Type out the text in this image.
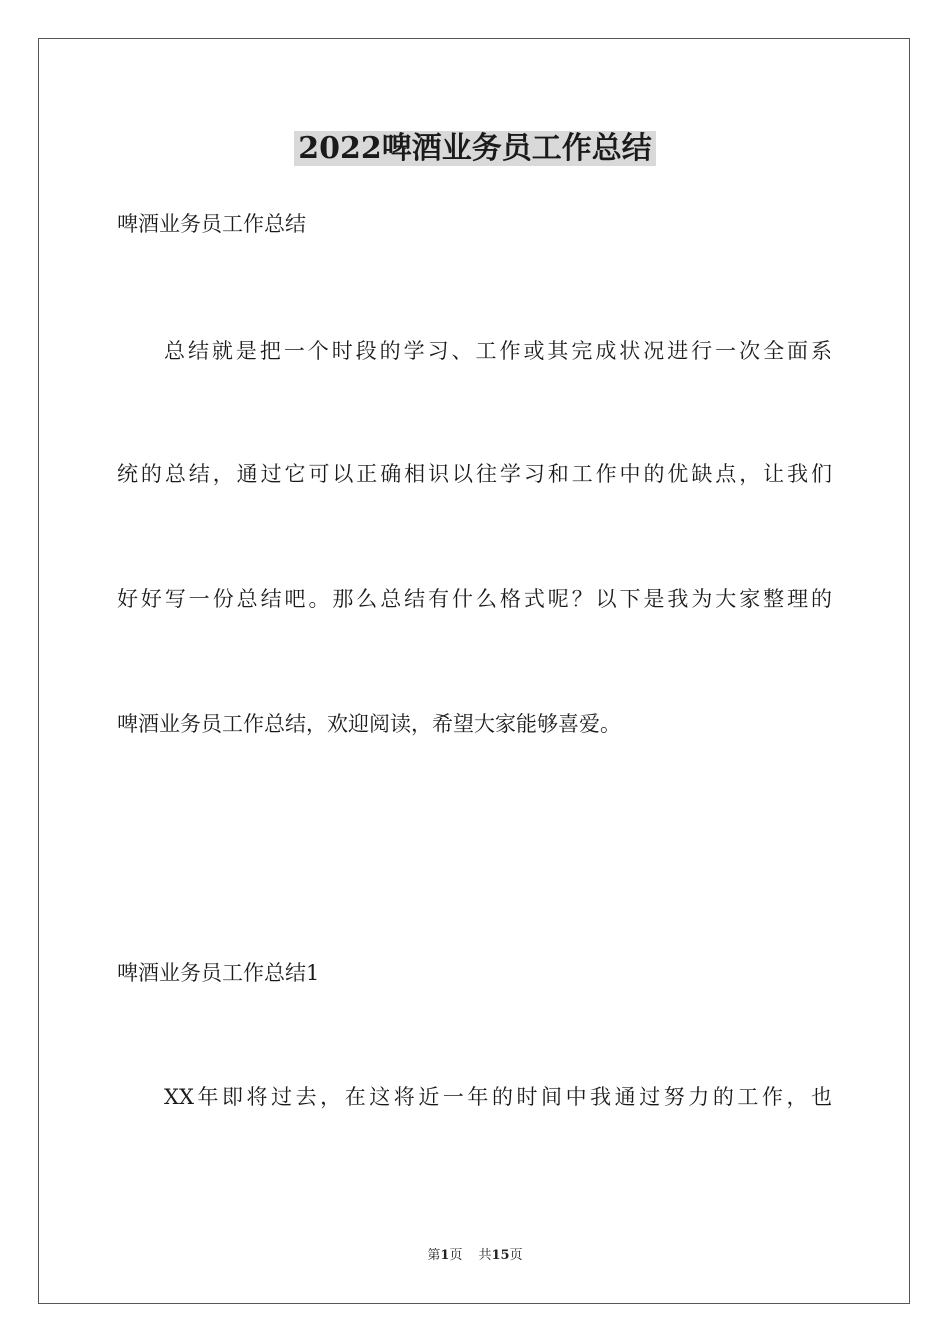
2022啤酒业务员工作总结
啤酒业务员工作总结
总结就是把一个时段的学习、工作或其完成状况进行一次全面系
统的总结，通过它可以正确相识以往学习和工作中的优缺点，让我们
好好写一份总结吧。那么总结有什么格式呢？以下是我为大家整理的
啤酒业务员工作总结，欢迎阅读，希望大家能够喜爱。
啤酒业务员工作总结1
XX年即将过去，在这将近一年的时间中我通过努力的工作，也
第1页 共15页
